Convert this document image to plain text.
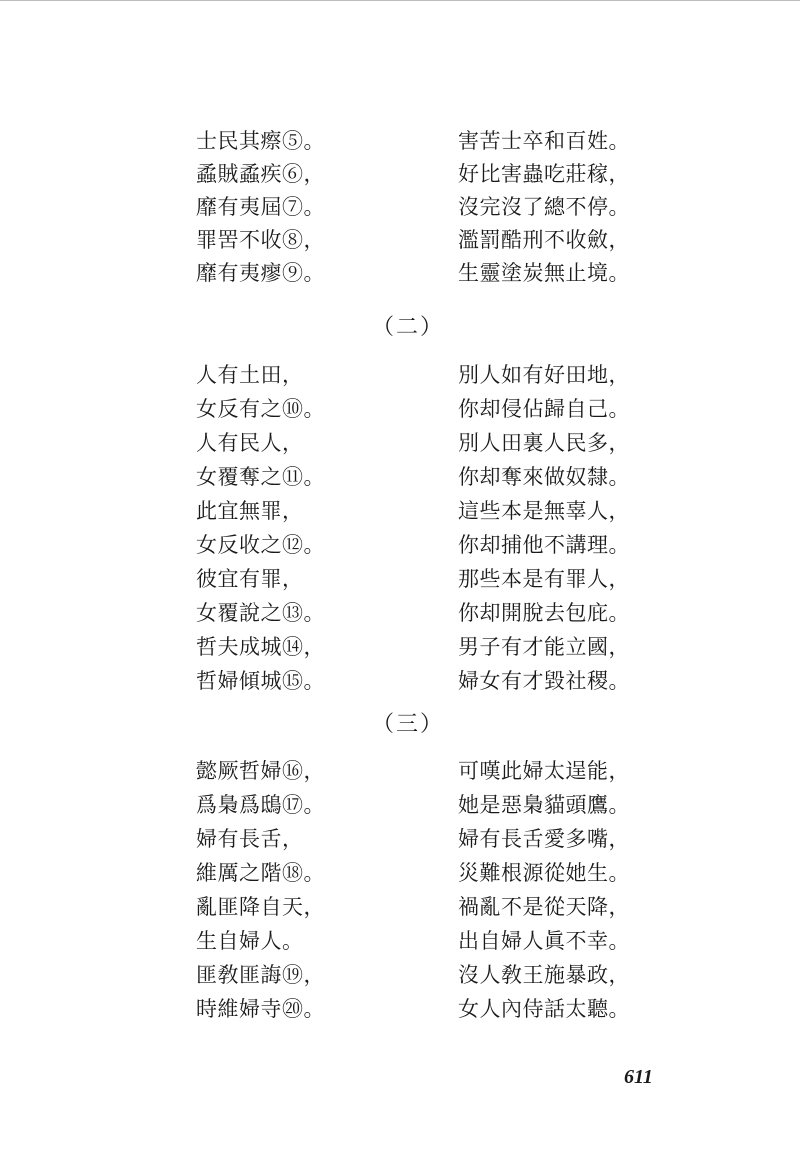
士民其瘵⑤。	害苦士卒和百姓。
蟊賊蟊疾⑥，	好比害蟲吃莊稼，
靡有夷屆⑦。	沒完沒了總不停。
罪罟不收⑧，	濫罰酷刑不收斂，
靡有夷瘳⑨。	生靈塗炭無止境。
（二）
人有土田，	別人如有好田地，
女反有之⑩。	你却侵佔歸自己。
人有民人，	別人田裏人民多，
女覆奪之⑪。	你却奪來做奴隸。
此宜無罪，	這些本是無辜人，
女反收之⑫。	你却捕他不講理。
彼宜有罪，	那些本是有罪人，
女覆說之⑬。	你却開脫去包庇。
哲夫成城⑭，	男子有才能立國，
哲婦傾城⑮。	婦女有才毀社稷。
（三）
懿厥哲婦⑯，	可嘆此婦太逞能，
爲梟爲鴟⑰。	她是惡梟貓頭鷹。
婦有長舌，	婦有長舌愛多嘴，
維厲之階⑱。	災難根源從她生。
亂匪降自天，	禍亂不是從天降，
生自婦人。	出自婦人眞不幸。
匪敎匪誨⑲，	沒人敎王施暴政，
時維婦寺⑳。	女人內侍話太聽。
611
